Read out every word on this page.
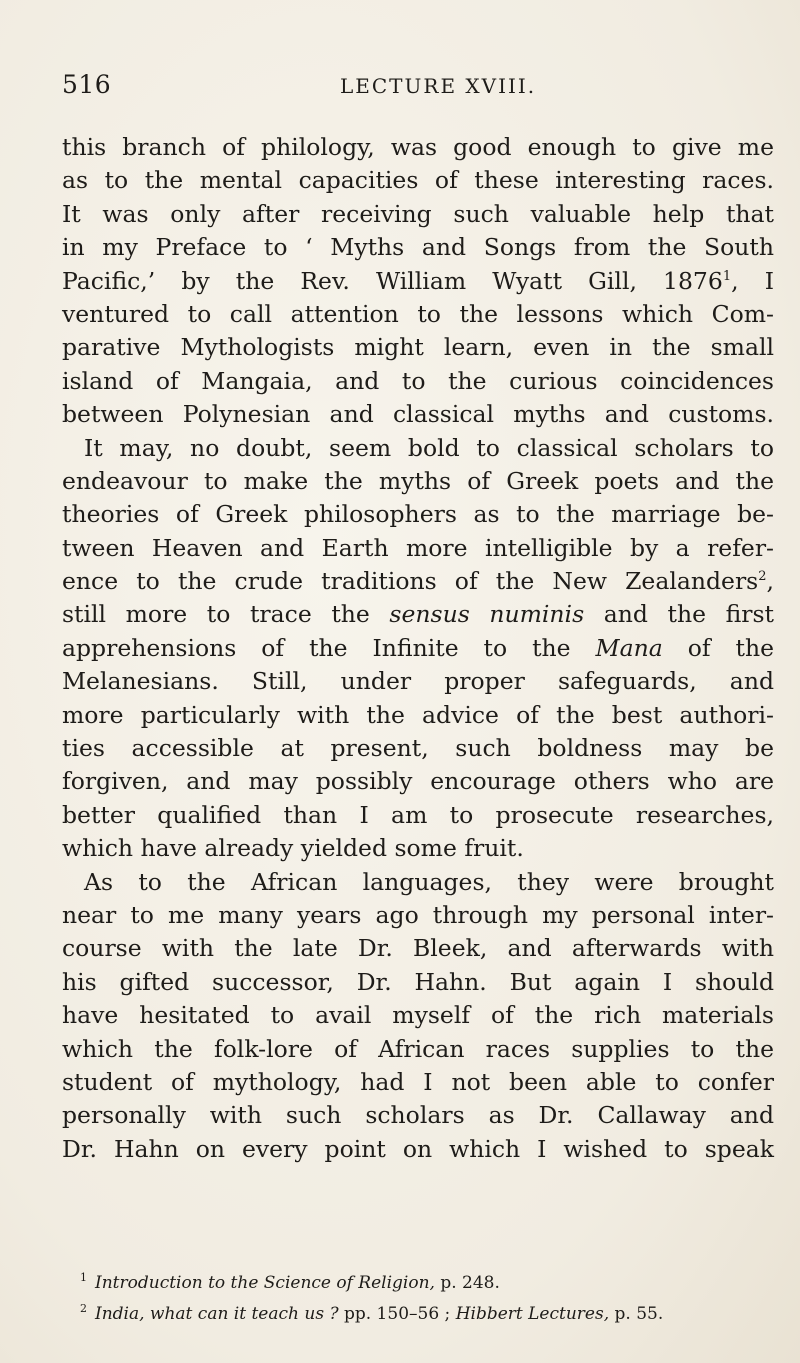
516	LECTURE XVIII.
this branch of philology, was good enough to give me
as to the mental capacities of these interesting races.
It was only after receiving such valuable help that
in my Preface to ‘ Myths and Songs from the South
Pacific,’ by the Rev. William Wyatt Gill, 1876$^1$, I
ventured to call attention to the lessons which Com-
parative Mythologists might learn, even in the small
island of Mangaia, and to the curious coincidences
between Polynesian and classical myths and customs.
It may, no doubt, seem bold to classical scholars to
endeavour to make the myths of Greek poets and the
theories of Greek philosophers as to the marriage be-
tween Heaven and Earth more intelligible by a refer-
ence to the crude traditions of the New Zealanders$^2$,
still more to trace the sensus numinis and the first
apprehensions of the Infinite to the Mana of the
Melanesians. Still, under proper safeguards, and
more particularly with the advice of the best authori-
ties accessible at present, such boldness may be
forgiven, and may possibly encourage others who are
better qualified than I am to prosecute researches,
which have already yielded some fruit.
As to the African languages, they were brought
near to me many years ago through my personal inter-
course with the late Dr. Bleek, and afterwards with
his gifted successor, Dr. Hahn. But again I should
have hesitated to avail myself of the rich materials
which the folk-lore of African races supplies to the
student of mythology, had I not been able to confer
personally with such scholars as Dr. Callaway and
Dr. Hahn on every point on which I wished to speak
$^1$ Introduction to the Science of Religion, p. 248.
$^2$ India, what can it teach us ? pp. 150–56 ; Hibbert Lectures, p. 55.
